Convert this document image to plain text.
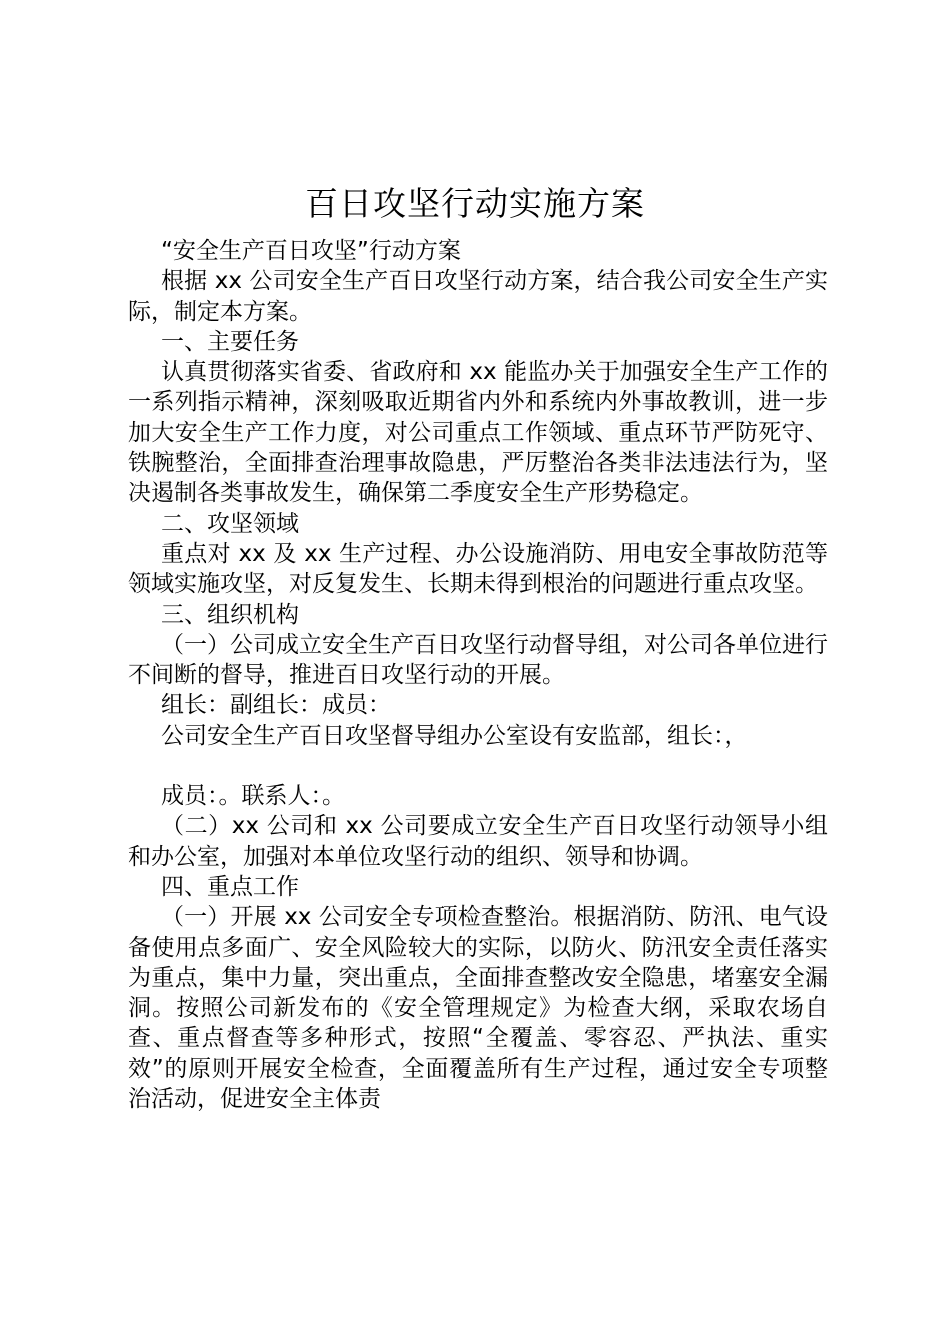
百日攻坚行动实施方案

“安全生产百日攻坚”行动方案

根据 xx 公司安全生产百日攻坚行动方案，结合我公司安全生产实际，制定本方案。

一、主要任务

认真贯彻落实省委、省政府和 xx 能监办关于加强安全生产工作的一系列指示精神，深刻吸取近期省内外和系统内外事故教训，进一步加大安全生产工作力度，对公司重点工作领域、重点环节严防死守、铁腕整治，全面排查治理事故隐患，严厉整治各类非法违法行为，坚决遏制各类事故发生，确保第二季度安全生产形势稳定。

二、攻坚领域

重点对 xx 及 xx 生产过程、办公设施消防、用电安全事故防范等领域实施攻坚，对反复发生、长期未得到根治的问题进行重点攻坚。

三、组织机构

（一）公司成立安全生产百日攻坚行动督导组，对公司各单位进行不间断的督导，推进百日攻坚行动的开展。

组长：副组长：成员：

公司安全生产百日攻坚督导组办公室设有安监部，组长：，

成员：。联系人：。

（二）xx 公司和 xx 公司要成立安全生产百日攻坚行动领导小组和办公室，加强对本单位攻坚行动的组织、领导和协调。

四、重点工作

（一）开展 xx 公司安全专项检查整治。根据消防、防汛、电气设备使用点多面广、安全风险较大的实际，以防火、防汛安全责任落实为重点，集中力量，突出重点，全面排查整改安全隐患，堵塞安全漏洞。按照公司新发布的《安全管理规定》为检查大纲，采取农场自查、重点督查等多种形式，按照“全覆盖、零容忍、严执法、重实效”的原则开展安全检查，全面覆盖所有生产过程，通过安全专项整治活动，促进安全主体责
